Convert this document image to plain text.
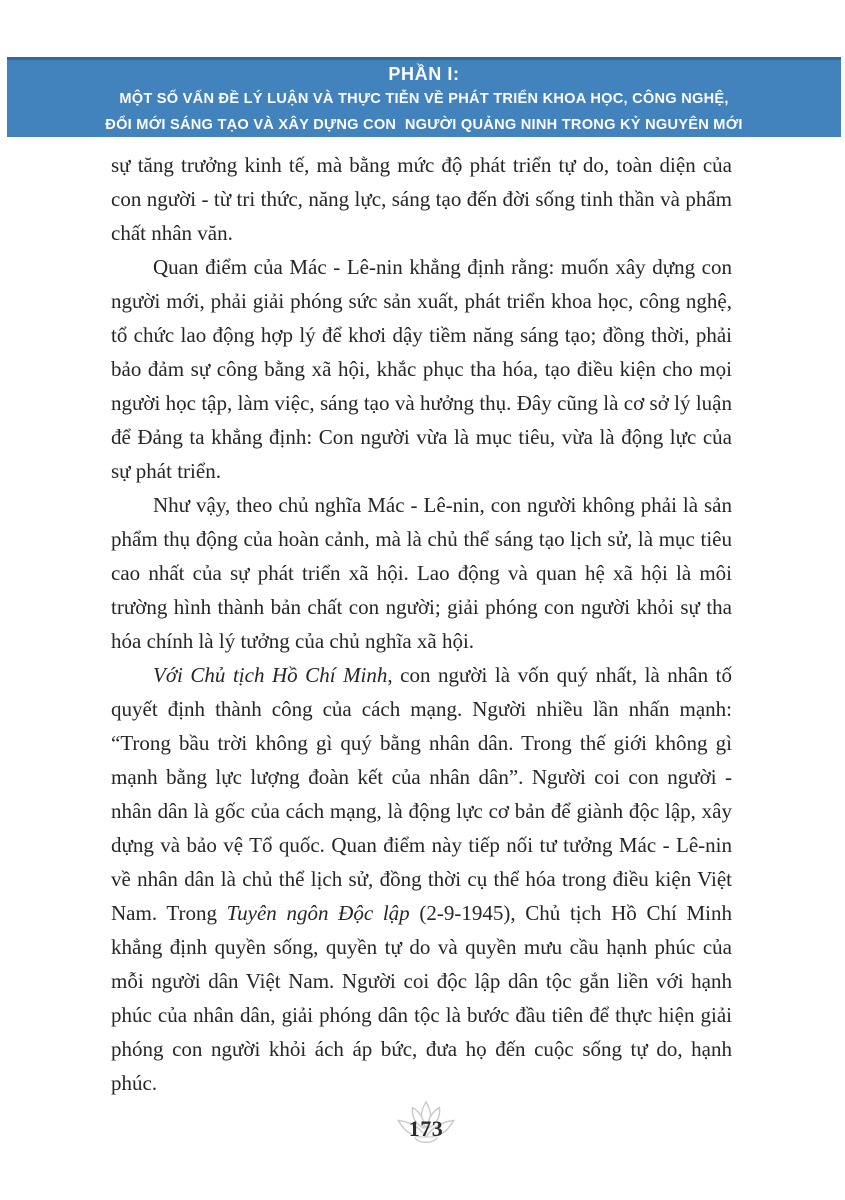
PHẦN I:
MỘT SỐ VẤN ĐỀ LÝ LUẬN VÀ THỰC TIỄN VỀ PHÁT TRIỂN KHOA HỌC, CÔNG NGHỆ,
ĐỔI MỚI SÁNG TẠO VÀ XÂY DỰNG CON  NGƯỜI QUẢNG NINH TRONG KỶ NGUYÊN MỚI

sự tăng trưởng kinh tế, mà bằng mức độ phát triển tự do, toàn diện của con người - từ tri thức, năng lực, sáng tạo đến đời sống tinh thần và phẩm chất nhân văn.

Quan điểm của Mác - Lê-nin khẳng định rằng: muốn xây dựng con người mới, phải giải phóng sức sản xuất, phát triển khoa học, công nghệ, tổ chức lao động hợp lý để khơi dậy tiềm năng sáng tạo; đồng thời, phải bảo đảm sự công bằng xã hội, khắc phục tha hóa, tạo điều kiện cho mọi người học tập, làm việc, sáng tạo và hưởng thụ. Đây cũng là cơ sở lý luận để Đảng ta khẳng định: Con người vừa là mục tiêu, vừa là động lực của sự phát triển.

Như vậy, theo chủ nghĩa Mác - Lê-nin, con người không phải là sản phẩm thụ động của hoàn cảnh, mà là chủ thể sáng tạo lịch sử, là mục tiêu cao nhất của sự phát triển xã hội. Lao động và quan hệ xã hội là môi trường hình thành bản chất con người; giải phóng con người khỏi sự tha hóa chính là lý tưởng của chủ nghĩa xã hội.

Với Chủ tịch Hồ Chí Minh, con người là vốn quý nhất, là nhân tố quyết định thành công của cách mạng. Người nhiều lần nhấn mạnh: “Trong bầu trời không gì quý bằng nhân dân. Trong thế giới không gì mạnh bằng lực lượng đoàn kết của nhân dân”. Người coi con người - nhân dân là gốc của cách mạng, là động lực cơ bản để giành độc lập, xây dựng và bảo vệ Tổ quốc. Quan điểm này tiếp nối tư tưởng Mác - Lê-nin về nhân dân là chủ thể lịch sử, đồng thời cụ thể hóa trong điều kiện Việt Nam. Trong Tuyên ngôn Độc lập (2-9-1945), Chủ tịch Hồ Chí Minh khẳng định quyền sống, quyền tự do và quyền mưu cầu hạnh phúc của mỗi người dân Việt Nam. Người coi độc lập dân tộc gắn liền với hạnh phúc của nhân dân, giải phóng dân tộc là bước đầu tiên để thực hiện giải phóng con người khỏi ách áp bức, đưa họ đến cuộc sống tự do, hạnh phúc.

173
